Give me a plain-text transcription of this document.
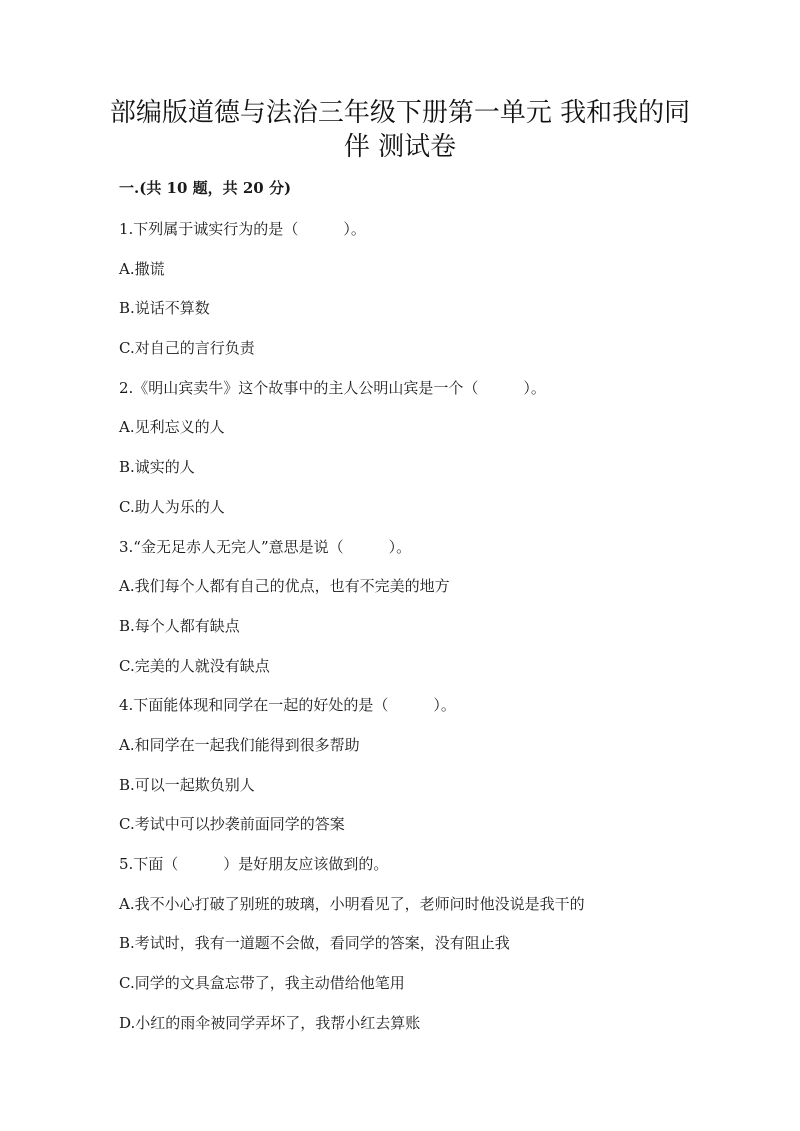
部编版道德与法治三年级下册第一单元 我和我的同
伴 测试卷

一.(共 10 题，共 20 分)

1.下列属于诚实行为的是（　　　）。
A.撒谎
B.说话不算数
C.对自己的言行负责
2.《明山宾卖牛》这个故事中的主人公明山宾是一个（　　　）。
A.见利忘义的人
B.诚实的人
C.助人为乐的人
3.“金无足赤人无完人”意思是说（　　　）。
A.我们每个人都有自己的优点，也有不完美的地方
B.每个人都有缺点
C.完美的人就没有缺点
4.下面能体现和同学在一起的好处的是（　　　）。
A.和同学在一起我们能得到很多帮助
B.可以一起欺负别人
C.考试中可以抄袭前面同学的答案
5.下面（　　　）是好朋友应该做到的。
A.我不小心打破了别班的玻璃，小明看见了，老师问时他没说是我干的
B.考试时，我有一道题不会做，看同学的答案，没有阻止我
C.同学的文具盒忘带了，我主动借给他笔用
D.小红的雨伞被同学弄坏了，我帮小红去算账
